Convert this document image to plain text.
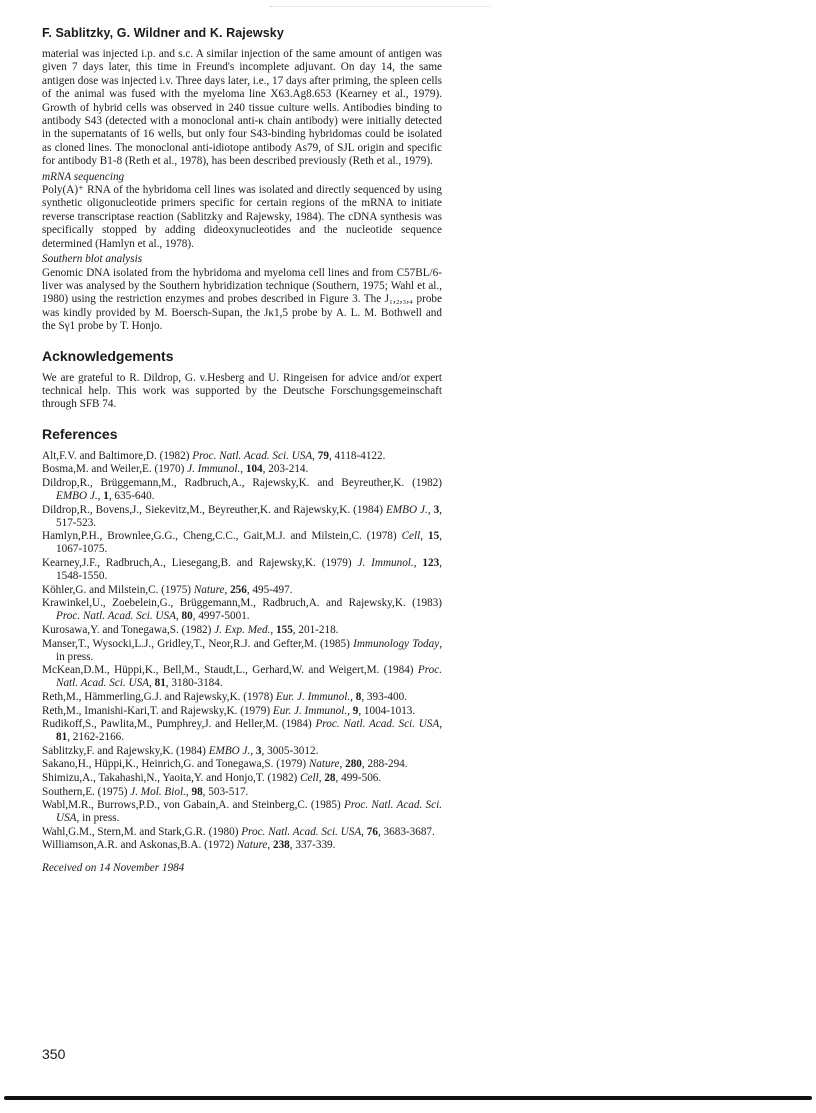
F. Sablitzky, G. Wildner and K. Rajewsky

material was injected i.p. and s.c. A similar injection of the same amount of antigen was given 7 days later, this time in Freund's incomplete adjuvant. On day 14, the same antigen dose was injected i.v. Three days later, i.e., 17 days after priming, the spleen cells of the animal was fused with the myeloma line X63.Ag8.653 (Kearney et al., 1979). Growth of hybrid cells was observed in 240 tissue culture wells. Antibodies binding to antibody S43 (detected with a monoclonal anti-κ chain antibody) were initially detected in the supernatants of 16 wells, but only four S43-binding hybridomas could be isolated as cloned lines. The monoclonal anti-idiotope antibody As79, of SJL origin and specific for antibody B1-8 (Reth et al., 1978), has been described previously (Reth et al., 1979).

mRNA sequencing

Poly(A)⁺ RNA of the hybridoma cell lines was isolated and directly sequenced by using synthetic oligonucleotide primers specific for certain regions of the mRNA to initiate reverse transcriptase reaction (Sablitzky and Rajewsky, 1984). The cDNA synthesis was specifically stopped by adding dideoxynucleotides and the nucleotide sequence determined (Hamlyn et al., 1978).

Southern blot analysis

Genomic DNA isolated from the hybridoma and myeloma cell lines and from C57BL/6-liver was analysed by the Southern hybridization technique (Southern, 1975; Wahl et al., 1980) using the restriction enzymes and probes described in Figure 3. The J₁,₂,₃,₄ probe was kindly provided by M. Boersch-Supan, the Jκ1,5 probe by A. L. M. Bothwell and the Sγ1 probe by T. Honjo.

Acknowledgements

We are grateful to R. Dildrop, G. v.Hesberg and U. Ringeisen for advice and/or expert technical help. This work was supported by the Deutsche Forschungsgemeinschaft through SFB 74.

References
Alt,F.V. and Baltimore,D. (1982) Proc. Natl. Acad. Sci. USA, 79, 4118-4122.
Bosma,M. and Weiler,E. (1970) J. Immunol., 104, 203-214.
Dildrop,R., Brüggemann,M., Radbruch,A., Rajewsky,K. and Beyreuther,K. (1982) EMBO J., 1, 635-640.
Dildrop,R., Bovens,J., Siekevitz,M., Beyreuther,K. and Rajewsky,K. (1984) EMBO J., 3, 517-523.
Hamlyn,P.H., Brownlee,G.G., Cheng,C.C., Gait,M.J. and Milstein,C. (1978) Cell, 15, 1067-1075.
Kearney,J.F., Radbruch,A., Liesegang,B. and Rajewsky,K. (1979) J. Immunol., 123, 1548-1550.
Köhler,G. and Milstein,C. (1975) Nature, 256, 495-497.
Krawinkel,U., Zoebelein,G., Brüggemann,M., Radbruch,A. and Rajewsky,K. (1983) Proc. Natl. Acad. Sci. USA, 80, 4997-5001.
Kurosawa,Y. and Tonegawa,S. (1982) J. Exp. Med., 155, 201-218.
Manser,T., Wysocki,L.J., Gridley,T., Neor,R.J. and Gefter,M. (1985) Immunology Today, in press.
McKean,D.M., Hüppi,K., Bell,M., Staudt,L., Gerhard,W. and Weigert,M. (1984) Proc. Natl. Acad. Sci. USA, 81, 3180-3184.
Reth,M., Hämmerling,G.J. and Rajewsky,K. (1978) Eur. J. Immunol., 8, 393-400.
Reth,M., Imanishi-Kari,T. and Rajewsky,K. (1979) Eur. J. Immunol., 9, 1004-1013.
Rudikoff,S., Pawlita,M., Pumphrey,J. and Heller,M. (1984) Proc. Natl. Acad. Sci. USA, 81, 2162-2166.
Sablitzky,F. and Rajewsky,K. (1984) EMBO J., 3, 3005-3012.
Sakano,H., Hüppi,K., Heinrich,G. and Tonegawa,S. (1979) Nature, 280, 288-294.
Shimizu,A., Takahashi,N., Yaoita,Y. and Honjo,T. (1982) Cell, 28, 499-506.
Southern,E. (1975) J. Mol. Biol., 98, 503-517.
Wabl,M.R., Burrows,P.D., von Gabain,A. and Steinberg,C. (1985) Proc. Natl. Acad. Sci. USA, in press.
Wahl,G.M., Stern,M. and Stark,G.R. (1980) Proc. Natl. Acad. Sci. USA, 76, 3683-3687.
Williamson,A.R. and Askonas,B.A. (1972) Nature, 238, 337-339.
Received on 14 November 1984
350
